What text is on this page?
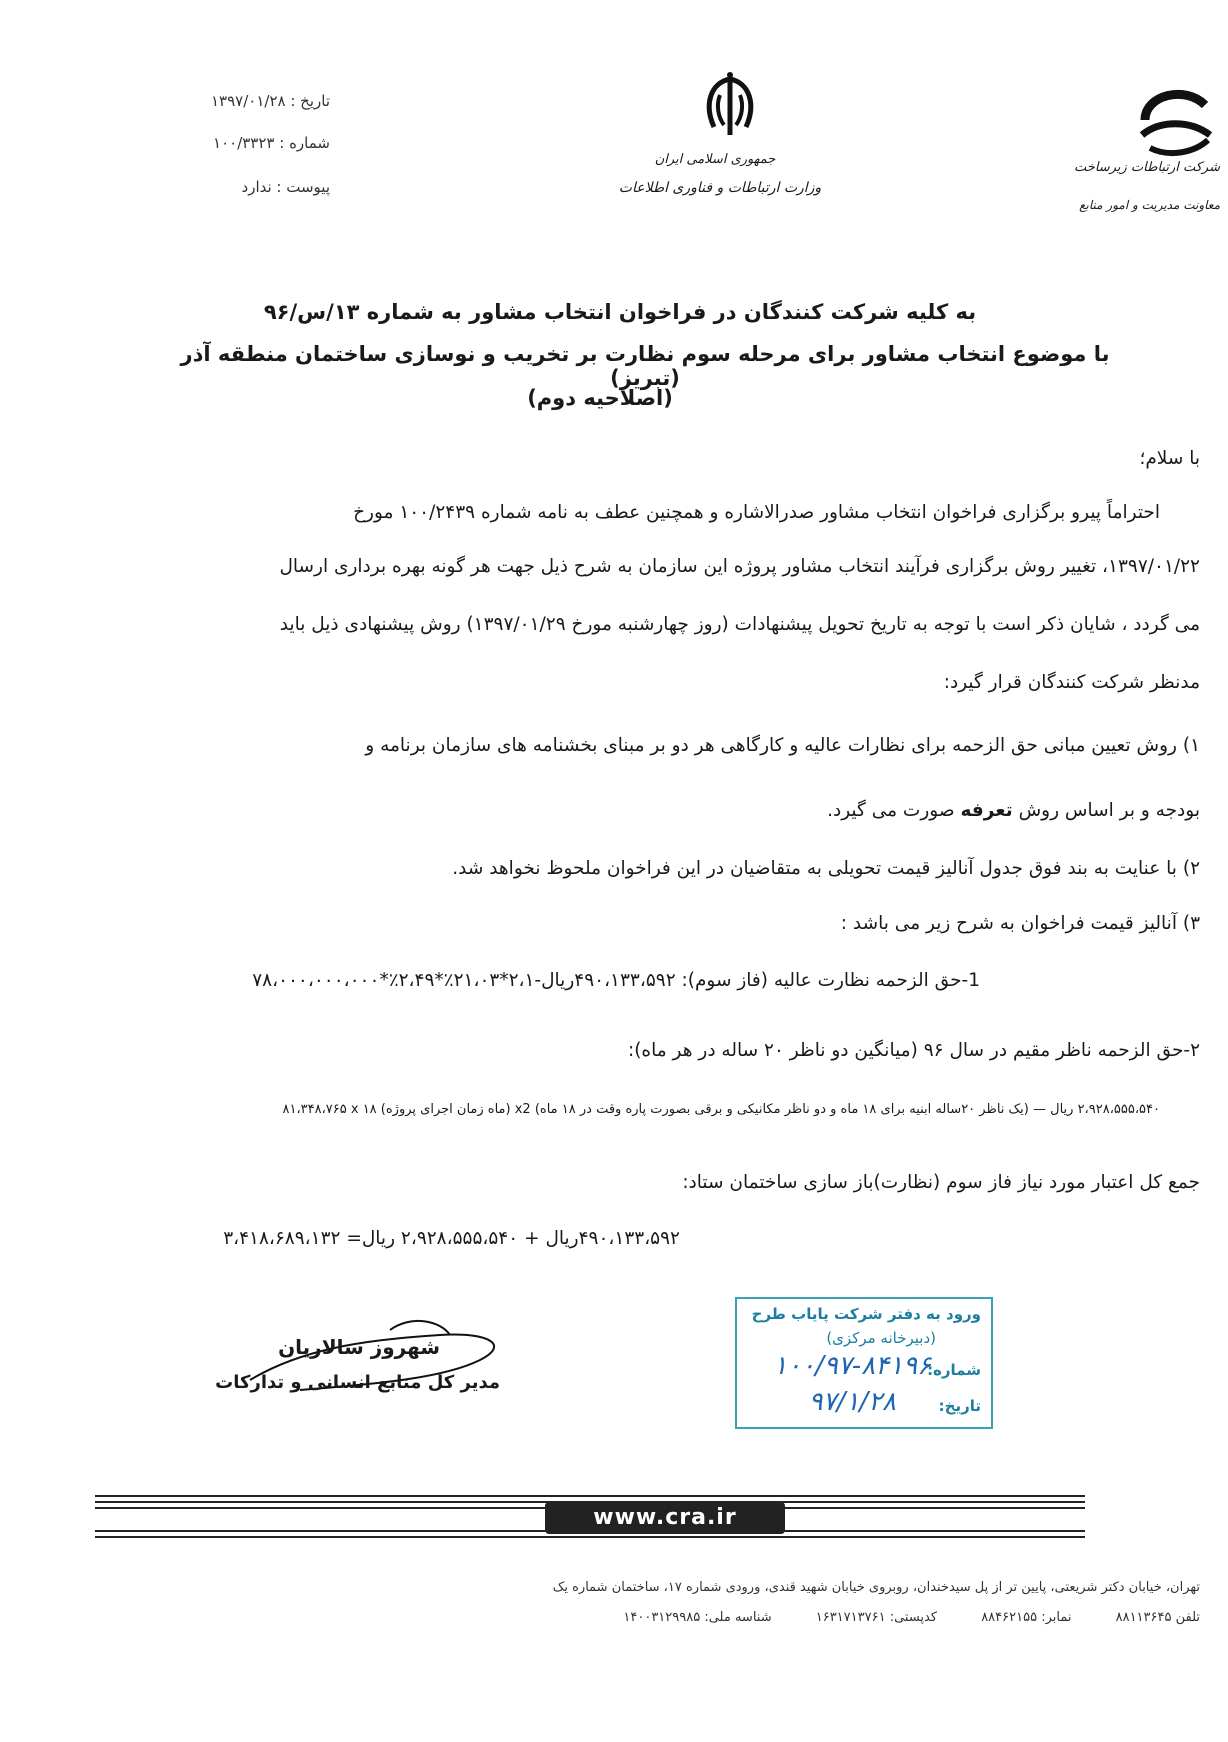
تاریخ : ۱۳۹۷/۰۱/۲۸
شماره : ۱۰۰/۳۳۲۳
پیوست : ندارد
جمهوری اسلامی ایران
وزارت ارتباطات و فناوری اطلاعات
شرکت ارتباطات زیرساخت
معاونت مدیریت و امور منابع
به کلیه شرکت کنندگان در فراخوان انتخاب مشاور به شماره ۱۳/س/۹۶
با موضوع انتخاب مشاور برای مرحله سوم نظارت بر تخریب و نوسازی ساختمان منطقه آذر (تبریز)
(اصلاحیه دوم)
با سلام؛
احتراماً پیرو برگزاری فراخوان انتخاب مشاور صدرالاشاره و همچنین عطف به نامه شماره ۱۰۰/۲۴۳۹ مورخ
۱۳۹۷/۰۱/۲۲، تغییر روش برگزاری فرآیند انتخاب مشاور پروژه این سازمان به شرح ذیل جهت هر گونه بهره برداری ارسال
می گردد ، شایان ذکر است با توجه به تاریخ تحویل پیشنهادات (روز چهارشنبه مورخ ۱۳۹۷/۰۱/۲۹) روش پیشنهادی ذیل باید
مدنظر شرکت کنندگان قرار گیرد:
۱) روش تعیین مبانی حق الزحمه برای نظارات عالیه و کارگاهی هر دو بر مبنای بخشنامه های سازمان برنامه و
بودجه و بر اساس روش تعرفه صورت می گیرد.
۲) با عنایت به بند فوق جدول آنالیز قیمت تحویلی به متقاضیان در این فراخوان ملحوظ نخواهد شد.
۳) آنالیز قیمت فراخوان به شرح زیر می باشد :
1-حق الزحمه نظارت عالیه (فاز سوم): ۴۹۰،۱۳۳،۵۹۲ریال-۲،۱*۲۱،۰۳٪*۲،۴۹٪*۷۸،۰۰۰،۰۰۰،۰۰۰
۲-حق الزحمه ناظر مقیم در سال ۹۶ (میانگین دو ناظر ۲۰ ساله در هر ماه):
۸۱،۳۴۸،۷۶۵ x ۱۸ (ماه زمان اجرای پروژه) x2 (یک ناظر ۲۰ساله ابنیه برای ۱۸ ماه و دو ناظر مکانیکی و برقی بصورت پاره وقت در ۱۸ ماه) — ۲،۹۲۸،۵۵۵،۵۴۰ ریال
جمع کل اعتبار مورد نیاز فاز سوم (نظارت)باز سازی ساختمان ستاد:
۴۹۰،۱۳۳،۵۹۲ریال + ۲،۹۲۸،۵۵۵،۵۴۰ ریال= ۳،۴۱۸،۶۸۹،۱۳۲
شهروز سالاریان
مدیر کل منابع انسانی و تدارکات
ورود به دفتر شرکت پایاب طرح
(دبیرخانه مرکزی)
شماره:
۱۰۰/۹۷-۸۴۱۹۶
تاریخ:
۹۷/۱/۲۸
www.cra.ir
تهران، خیابان دکتر شریعتی، پایین تر از پل سیدخندان، روبروی خیابان شهید قندی، ورودی شماره ۱۷، ساختمان شماره یک
تلفن ۸۸۱۱۳۶۴۵ نمابر: ۸۸۴۶۲۱۵۵ کدپستی: ۱۶۳۱۷۱۳۷۶۱ شناسه ملی: ۱۴۰۰۳۱۲۹۹۸۵
